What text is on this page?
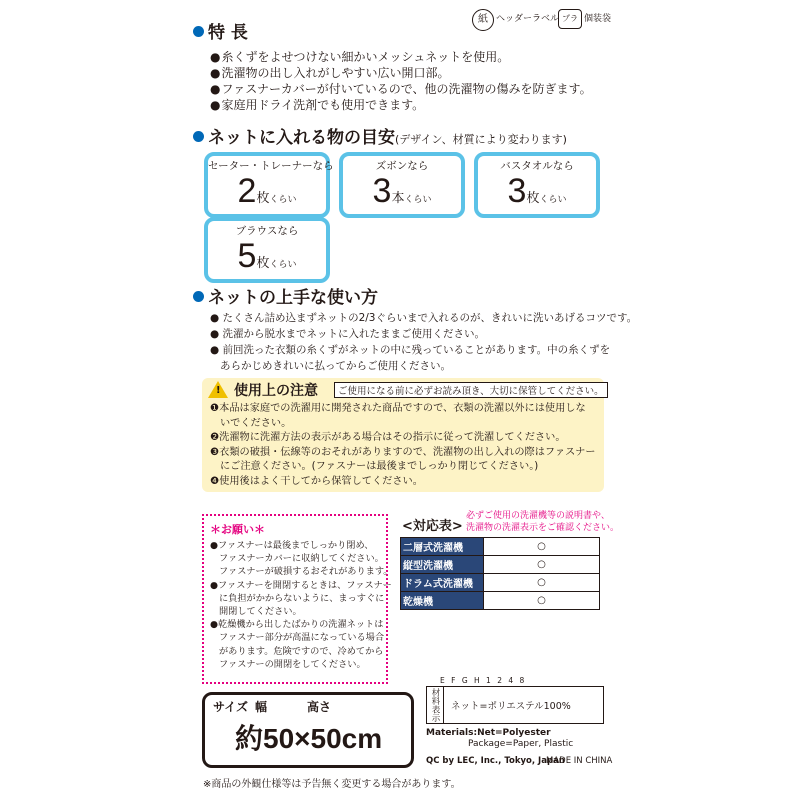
紙 ヘッダーラベル プラ 個装袋
特 長
● 糸くずをよせつけない細かいメッシュネットを使用。
● 洗濯物の出し入れがしやすい広い開口部。
● ファスナーカバーが付いているので、他の洗濯物の傷みを防ぎます。
● 家庭用ドライ洗剤でも使用できます。
ネットに入れる物の目安(デザイン、材質により変わります)
セーター・トレーナーなら
2枚くらい
ズボンなら
3本くらい
バスタオルなら
3枚くらい
ブラウスなら
5枚くらい
ネットの上手な使い方
● たくさん詰め込まずネットの2/3ぐらいまで入れるのが、きれいに洗いあげるコツです。
● 洗濯から脱水までネットに入れたままご使用ください。
● 前回洗った衣類の糸くずがネットの中に残っていることがあります。中の糸くずを
あらかじめきれいに払ってからご使用ください。
! 使用上の注意	ご使用になる前に必ずお読み頂き、大切に保管してください。
❶本品は家庭での洗濯用に開発された商品ですので、衣類の洗濯以外には使用しな
いでください。
❷洗濯物に洗濯方法の表示がある場合はその指示に従って洗濯してください。
❸衣類の破損・伝線等のおそれがありますので、洗濯物の出し入れの際はファスナー
にご注意ください。(ファスナーは最後までしっかり閉じてください。)
❹使用後はよく干してから保管してください。
＊お願い＊
●ファスナーは最後までしっかり閉め、
ファスナーカバーに収納してください。
ファスナーが破損するおそれがあります。
●ファスナーを開閉するときは、ファスナー
に負担がかからないように、まっすぐに
開閉してください。
●乾燥機から出したばかりの洗濯ネットは
ファスナー部分が高温になっている場合
があります。危険ですので、冷めてから
ファスナーの開閉をしてください。
<対応表>
必ずご使用の洗濯機等の説明書や、
洗濯物の洗濯表示をご確認ください。
二層式洗濯機	○
縦型洗濯機	○
ドラム式洗濯機	○
乾燥機	○
E F G H 1 2 4 8
材料表示	ネット=ポリエステル100%
サイズ 幅	高さ
約50×50cm	Materials:Net=Polyester
Package=Paper, Plastic
QC by LEC, Inc., Tokyo, Japan
MADE IN CHINA
※商品の外観仕様等は予告無く変更する場合があります。
